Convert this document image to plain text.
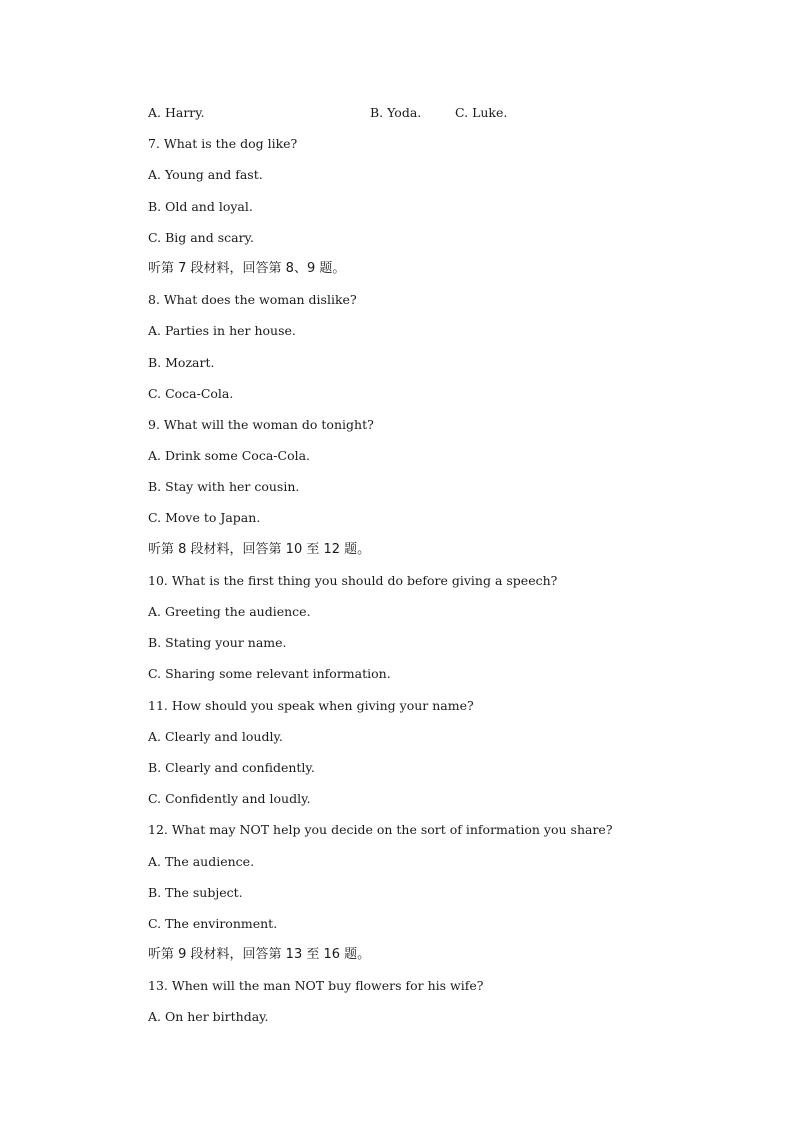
A. Harry.	B. Yoda.	C. Luke.
7. What is the dog like?
A. Young and fast.
B. Old and loyal.
C. Big and scary.
听第 7 段材料，回答第 8、9 题。
8. What does the woman dislike?
A. Parties in her house.
B. Mozart.
C. Coca-Cola.
9. What will the woman do tonight?
A. Drink some Coca-Cola.
B. Stay with her cousin.
C. Move to Japan.
听第 8 段材料，回答第 10 至 12 题。
10. What is the first thing you should do before giving a speech?
A. Greeting the audience.
B. Stating your name.
C. Sharing some relevant information.
11. How should you speak when giving your name?
A. Clearly and loudly.
B. Clearly and confidently.
C. Confidently and loudly.
12. What may NOT help you decide on the sort of information you share?
A. The audience.
B. The subject.
C. The environment.
听第 9 段材料，回答第 13 至 16 题。
13. When will the man NOT buy flowers for his wife?
A. On her birthday.
